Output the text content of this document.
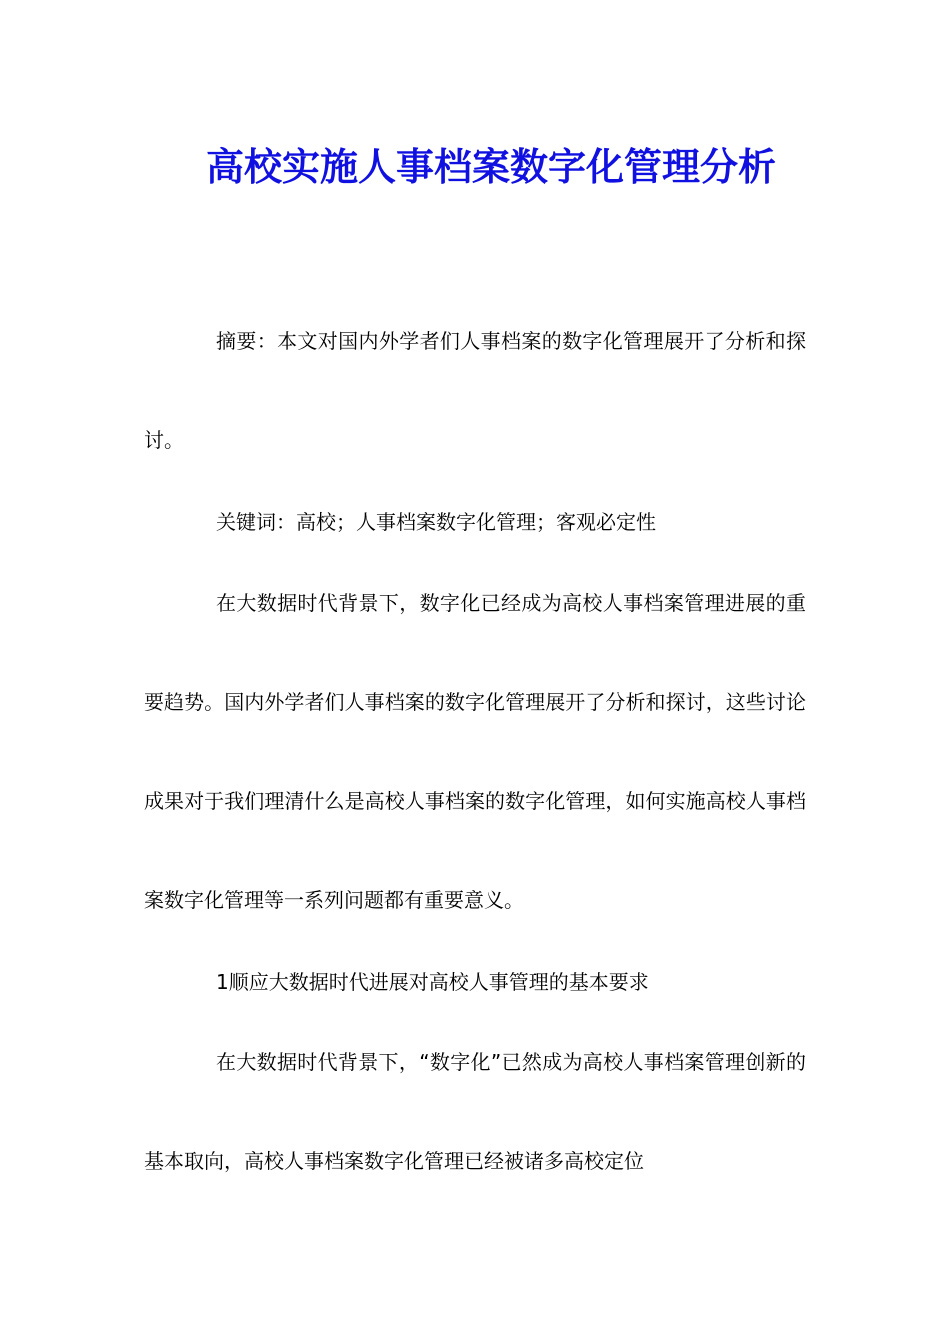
高校实施人事档案数字化管理分析

摘要：本文对国内外学者们人事档案的数字化管理展开了分析和探讨。

关键词：高校；人事档案数字化管理；客观必定性

在大数据时代背景下，数字化已经成为高校人事档案管理进展的重要趋势。国内外学者们人事档案的数字化管理展开了分析和探讨，这些讨论成果对于我们理清什么是高校人事档案的数字化管理，如何实施高校人事档案数字化管理等一系列问题都有重要意义。

1顺应大数据时代进展对高校人事管理的基本要求

在大数据时代背景下，“数字化”已然成为高校人事档案管理创新的基本取向，高校人事档案数字化管理已经被诸多高校定位
